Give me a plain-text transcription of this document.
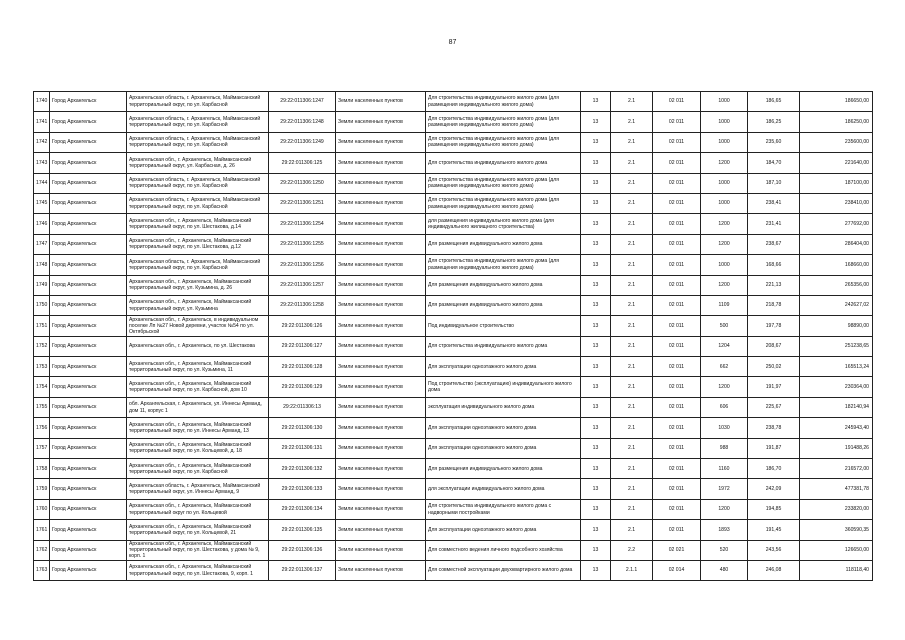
87
1740	Город Архангельск	Архангельская область, г. Архангельск, Маймаксанский территориальный округ, по ул. Карбасной	29:22:011306:1247	Земли населенных пунктов	Для строительства индивидуального жилого дома (для размещения индивидуального жилого дома)	13	2.1	02 011	1000	186,65	186650,00
1741	Город Архангельск	Архангельская область, г. Архангельск, Маймаксанский территориальный округ, по ул. Карбасной	29:22:011306:1248	Земли населенных пунктов	Для строительства индивидуального жилого дома (для размещения индивидуального жилого дома)	13	2.1	02 011	1000	186,25	186250,00
1742	Город Архангельск	Архангельская область, г. Архангельск, Маймаксанский территориальный округ, по ул. Карбасной	29:22:011306:1249	Земли населенных пунктов	Для строительства индивидуального жилого дома (для размещения индивидуального жилого дома)	13	2.1	02 011	1000	235,60	235600,00
1743	Город Архангельск	Архангельская обл., г. Архангельск, Маймаксанский территориальный округ, ул. Карбасная, д. 26	29:22:011306:125	Земли населенных пунктов	Для строительства индивидуального жилого дома	13	2.1	02 011	1200	184,70	221640,00
1744	Город Архангельск	Архангельская область, г. Архангельск, Маймаксанский территориальный округ, по ул. Карбасной	29:22:011306:1250	Земли населенных пунктов	Для строительства индивидуального жилого дома (для размещения индивидуального жилого дома)	13	2.1	02 011	1000	187,10	187100,00
1745	Город Архангельск	Архангельская область, г. Архангельск, Маймаксанский территориальный округ, по ул. Карбасной	29:22:011306:1251	Земли населенных пунктов	Для строительства индивидуального жилого дома (для размещения индивидуального жилого дома)	13	2.1	02 011	1000	238,41	238410,00
1746	Город Архангельск	Архангельская обл., г. Архангельск, Маймаксанский территориальный округ, по ул. Шестакова, д.14	29:22:011306:1254	Земли населенных пунктов	для размещения индивидуального жилого дома (для индивидуального жилищного строительства)	13	2.1	02 011	1200	231,41	277692,00
1747	Город Архангельск	Архангельская обл., г. Архангельск, Маймаксанский территориальный округ, по ул. Шестакова, д.12	29:22:011306:1255	Земли населенных пунктов	Для размещения индивидуального жилого дома	13	2.1	02 011	1200	238,67	286404,00
1748	Город Архангельск	Архангельская область, г. Архангельск, Маймаксанский территориальный округ, по ул. Карбасной	29:22:011306:1256	Земли населенных пунктов	Для строительства индивидуального жилого дома (для размещения индивидуального жилого дома)	13	2.1	02 011	1000	168,66	168660,00
1749	Город Архангельск	Архангельская обл., г. Архангельск, Маймаксанский территориальный округ, ул. Кузьмина, д. 26	29:22:011306:1257	Земли населенных пунктов	Для размещения индивидуального жилого дома	13	2.1	02 011	1200	221,13	265356,00
1750	Город Архангельск	Архангельская обл., г. Архангельск, Маймаксанский территориальный округ, ул. Кузьмина	29:22:011306:1258	Земли населенных пунктов	Для размещения индивидуального жилого дома	13	2.1	02 011	1109	218,78	242627,02
1751	Город Архангельск	Архангельская обл., г. Архангельск, в индивидуальном поселке Лп №27 Новой деревни, участок №54 по ул. Октябрьской	29:22:011306:126	Земли населенных пунктов	Под индивидуальное строительство	13	2.1	02 011	500	197,78	98890,00
1752	Город Архангельск	Архангельская обл., г. Архангельск, по ул. Шестакова	29:22:011306:127	Земли населенных пунктов	Для строительства индивидуального жилого дома	13	2.1	02 011	1204	208,67	251238,65
1753	Город Архангельск	Архангельская обл., г. Архангельск, Маймаксанский территориальный округ, по ул. Кузьмина, 11	29:22:011306:128	Земли населенных пунктов	Для эксплуатации одноэтажного жилого дома	13	2.1	02 011	662	250,02	165513,24
1754	Город Архангельск	Архангельская обл., г. Архангельск, Маймаксанский территориальный округ, по ул. Карбасной, дом 10	29:22:011306:129	Земли населенных пунктов	Под строительство (эксплуатацию) индивидуального жилого дома	13	2.1	02 011	1200	191,97	230364,00
1755	Город Архангельск	обл. Архангельская, г. Архангельск, ул. Иннесы Арманд, дом 11, корпус 1	29:22:011306:13	Земли населенных пунктов	эксплуатация индивидуального жилого дома	13	2.1	02 011	606	225,67	182140,94
1756	Город Архангельск	Архангельская обл., г. Архангельск, Маймаксанский территориальный округ, по ул. Иннесы Арманд, 13	29:22:011306:130	Земли населенных пунктов	Для эксплуатации одноэтажного жилого дома	13	2.1	02 011	1030	238,78	245943,40
1757	Город Архангельск	Архангельская обл., г. Архангельск, Маймаксанский территориальный округ, по ул. Кольцевой, д. 18	29:22:011306:131	Земли населенных пунктов	Для эксплуатации одноэтажного жилого дома	13	2.1	02 011	988	191,87	191488,26
1758	Город Архангельск	Архангельская обл., г. Архангельск, Маймаксанский территориальный округ, по ул. Карбасной	29:22:011306:132	Земли населенных пунктов	Для размещения индивидуального жилого дома	13	2.1	02 011	1160	186,70	216572,00
1759	Город Архангельск	Архангельская область, г. Архангельск, Маймаксанский территориальный округ, ул. Иннесы Арманд, 9	29:22:011306:133	Земли населенных пунктов	для эксплуатации индивидуального жилого дома	13	2.1	02 011	1972	242,09	477381,78
1760	Город Архангельск	Архангельская обл., г. Архангельск, Маймаксанский территориальный округ по ул. Кольцевой	29:22:011306:134	Земли населенных пунктов	Для строительства индивидуального жилого дома с надворными постройками	13	2.1	02 011	1200	194,85	233820,00
1761	Город Архангельск	Архангельская обл., г. Архангельск, Маймаксанский территориальный округ, по ул. Кольцевой, 21	29:22:011306:135	Земли населенных пунктов	Для эксплуатации одноэтажного жилого дома	13	2.1	02 011	1893	191,45	360590,35
1762	Город Архангельск	Архангельская обл., г. Архангельск, Маймаксанский территориальный округ, по ул. Шестакова, у дома № 9, корп. 1	29:22:011306:136	Земли населенных пунктов	Для совместного ведения личного подсобного хозяйства	13	2.2	02 021	520	243,56	126650,00
1763	Город Архангельск	Архангельская обл., г. Архангельск, Маймаксанский территориальный округ, по ул. Шестакова, 9, корп. 1	29:22:011306:137	Земли населенных пунктов	Для совместной эксплуатации двухквартирного жилого дома	13	2.1.1	02 014	480	246,08	118118,40
